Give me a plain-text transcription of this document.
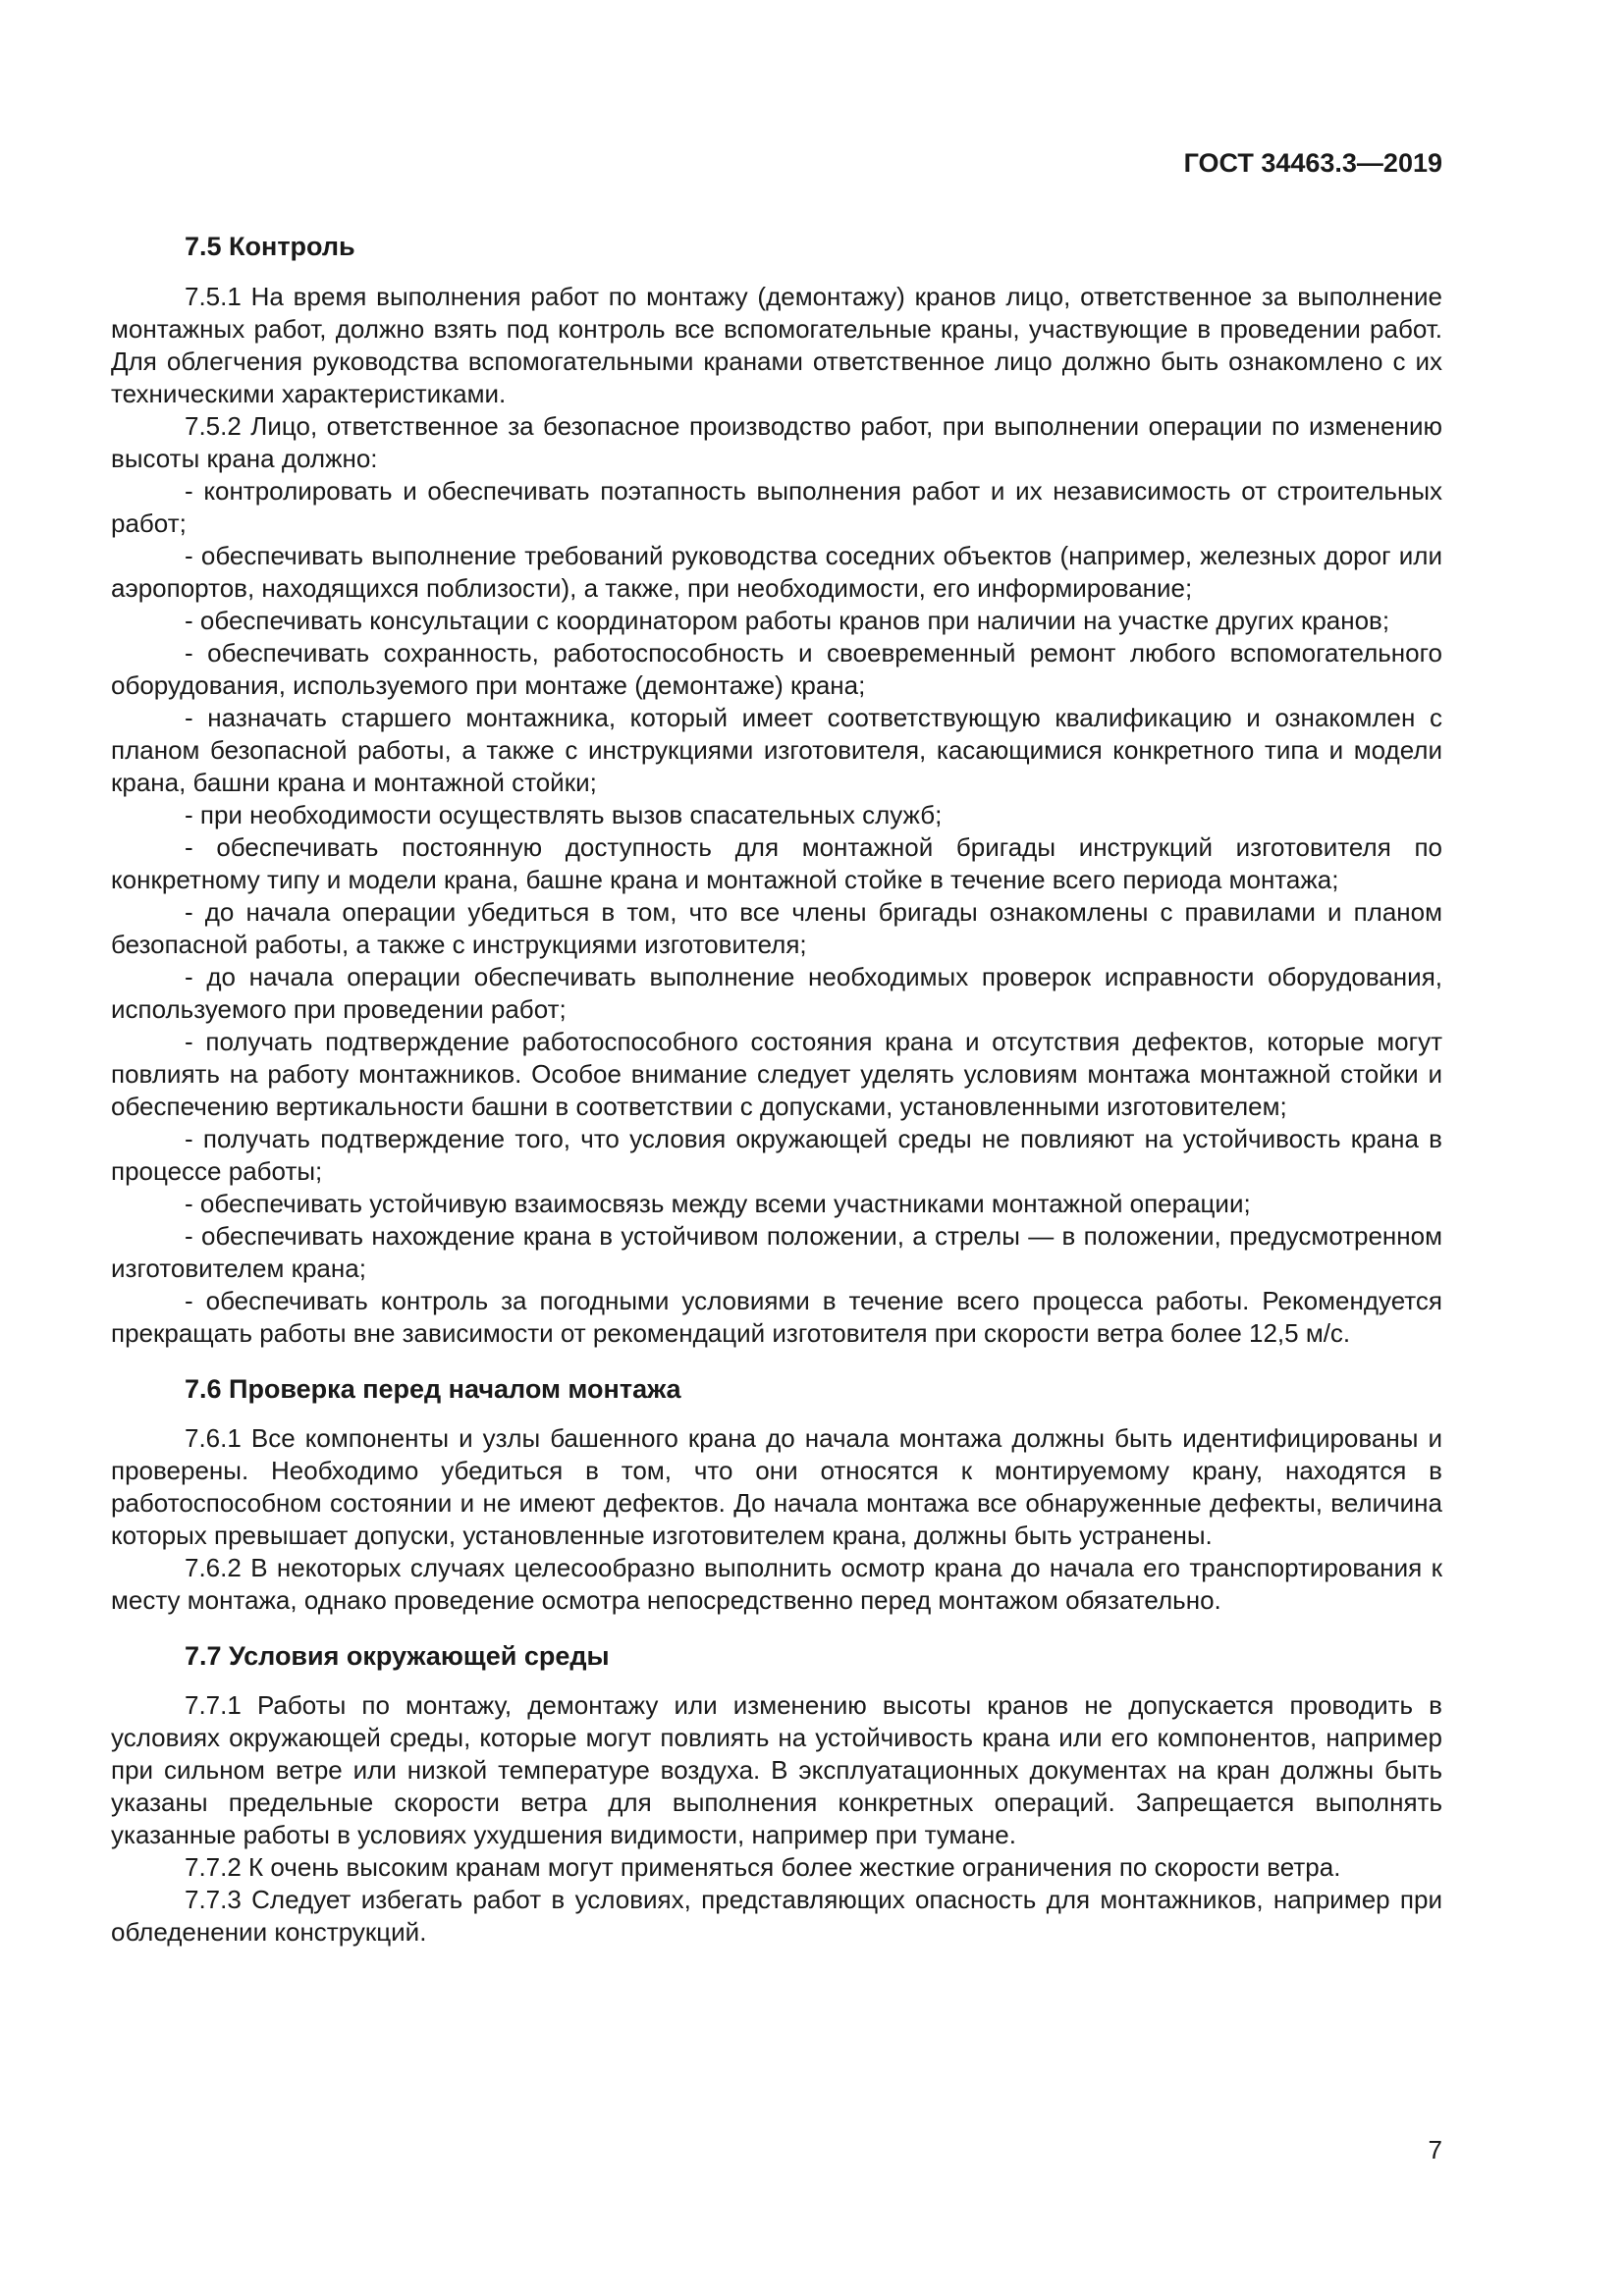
ГОСТ 34463.3—2019
7.5 Контроль

7.5.1 На время выполнения работ по монтажу (демонтажу) кранов лицо, ответственное за выполнение монтажных работ, должно взять под контроль все вспомогательные краны, участвующие в проведении работ. Для облегчения руководства вспомогательными кранами ответственное лицо должно быть ознакомлено с их техническими характеристиками.

7.5.2 Лицо, ответственное за безопасное производство работ, при выполнении операции по изменению высоты крана должно:

- контролировать и обеспечивать поэтапность выполнения работ и их независимость от строительных работ;

- обеспечивать выполнение требований руководства соседних объектов (например, железных дорог или аэропортов, находящихся поблизости), а также, при необходимости, его информирование;

- обеспечивать консультации с координатором работы кранов при наличии на участке других кранов;

- обеспечивать сохранность, работоспособность и своевременный ремонт любого вспомогательного оборудования, используемого при монтаже (демонтаже) крана;

- назначать старшего монтажника, который имеет соответствующую квалификацию и ознакомлен с планом безопасной работы, а также с инструкциями изготовителя, касающимися конкретного типа и модели крана, башни крана и монтажной стойки;

- при необходимости осуществлять вызов спасательных служб;

- обеспечивать постоянную доступность для монтажной бригады инструкций изготовителя по конкретному типу и модели крана, башне крана и монтажной стойке в течение всего периода монтажа;

- до начала операции убедиться в том, что все члены бригады ознакомлены с правилами и планом безопасной работы, а также с инструкциями изготовителя;

- до начала операции обеспечивать выполнение необходимых проверок исправности оборудования, используемого при проведении работ;

- получать подтверждение работоспособного состояния крана и отсутствия дефектов, которые могут повлиять на работу монтажников. Особое внимание следует уделять условиям монтажа монтажной стойки и обеспечению вертикальности башни в соответствии с допусками, установленными изготовителем;

- получать подтверждение того, что условия окружающей среды не повлияют на устойчивость крана в процессе работы;

- обеспечивать устойчивую взаимосвязь между всеми участниками монтажной операции;

- обеспечивать нахождение крана в устойчивом положении, а стрелы — в положении, предусмотренном изготовителем крана;

- обеспечивать контроль за погодными условиями в течение всего процесса работы. Рекомендуется прекращать работы вне зависимости от рекомендаций изготовителя при скорости ветра более 12,5 м/с.

7.6 Проверка перед началом монтажа

7.6.1 Все компоненты и узлы башенного крана до начала монтажа должны быть идентифицированы и проверены. Необходимо убедиться в том, что они относятся к монтируемому крану, находятся в работоспособном состоянии и не имеют дефектов. До начала монтажа все обнаруженные дефекты, величина которых превышает допуски, установленные изготовителем крана, должны быть устранены.

7.6.2 В некоторых случаях целесообразно выполнить осмотр крана до начала его транспортирования к месту монтажа, однако проведение осмотра непосредственно перед монтажом обязательно.

7.7 Условия окружающей среды

7.7.1 Работы по монтажу, демонтажу или изменению высоты кранов не допускается проводить в условиях окружающей среды, которые могут повлиять на устойчивость крана или его компонентов, например при сильном ветре или низкой температуре воздуха. В эксплуатационных документах на кран должны быть указаны предельные скорости ветра для выполнения конкретных операций. Запрещается выполнять указанные работы в условиях ухудшения видимости, например при тумане.

7.7.2 К очень высоким кранам могут применяться более жесткие ограничения по скорости ветра.

7.7.3 Следует избегать работ в условиях, представляющих опасность для монтажников, например при обледенении конструкций.

7
